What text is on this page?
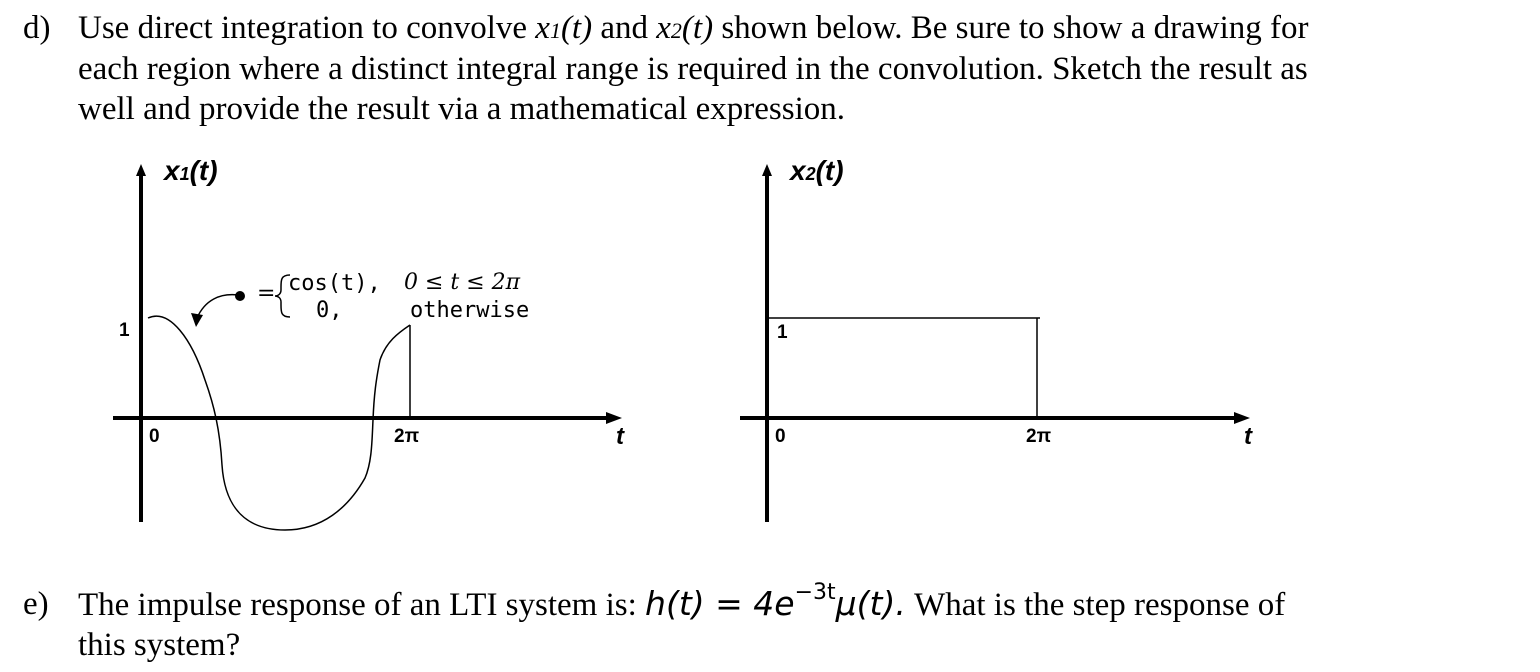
d) Use direct integration to convolve x1(t) and x2(t) shown below. Be sure to show a drawing for
each region where a distinct integral range is required in the convolution. Sketch the result as
well and provide the result via a mathematical expression.
x1(t)
1
0	2π	t
= cos(t), 0 ≤ t ≤ 2π
0,	otherwise
x2(t)
1
0	2π	t
e) The impulse response of an LTI system is: $h(t) = 4e^{-3t}\mu(t)$. What is the step response of
this system?
